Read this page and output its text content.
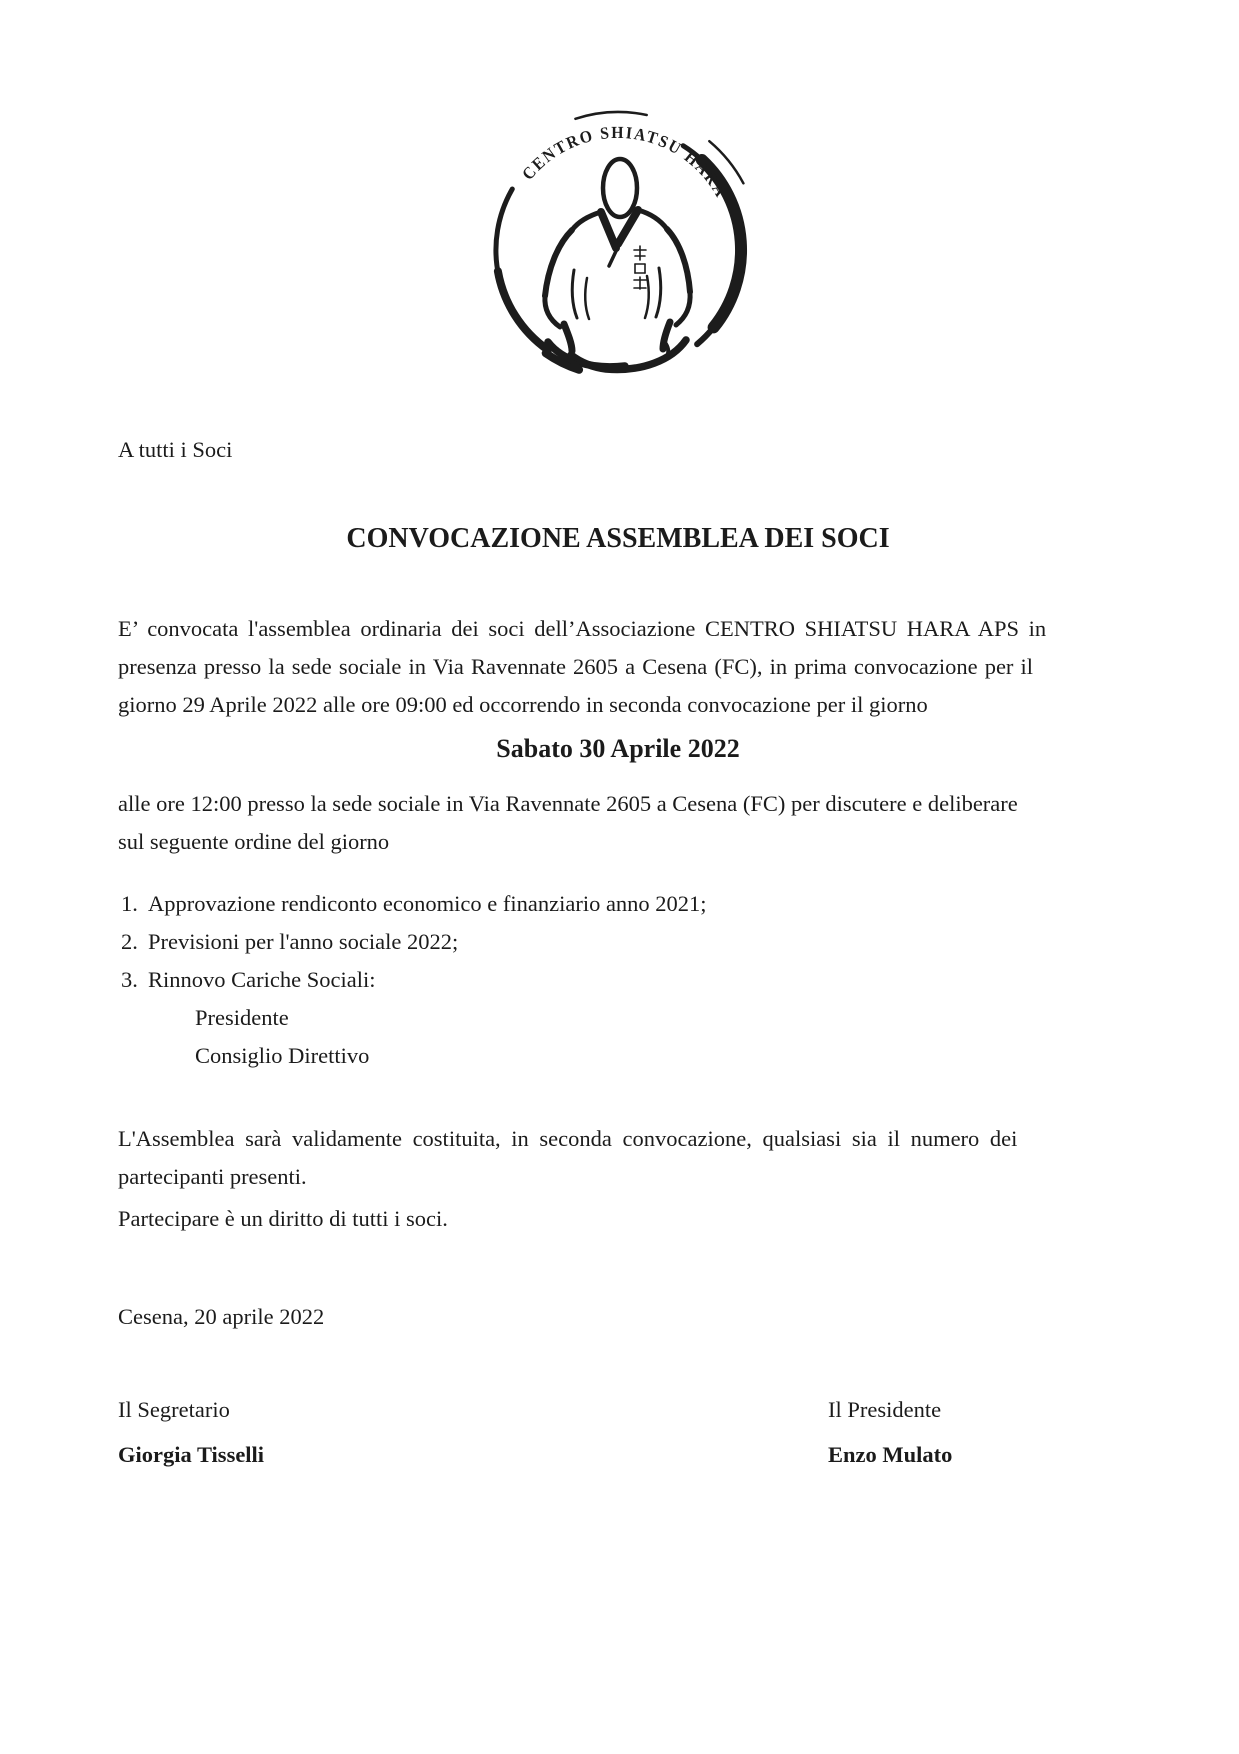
CENTRO SHIATSU HARA
A tutti i Soci
CONVOCAZIONE ASSEMBLEA DEI SOCI
E’ convocata l'assemblea ordinaria dei soci dell’Associazione CENTRO SHIATSU HARA APS in
presenza presso la sede sociale in Via Ravennate 2605 a Cesena (FC), in prima convocazione per il
giorno 29 Aprile 2022 alle ore 09:00 ed occorrendo in seconda convocazione per il giorno
Sabato 30 Aprile 2022
alle ore 12:00 presso la sede sociale in Via Ravennate 2605 a Cesena (FC) per discutere e deliberare
sul seguente ordine del giorno
1. Approvazione rendiconto economico e finanziario anno 2021;
2. Previsioni per l'anno sociale 2022;
3. Rinnovo Cariche Sociali:
Presidente
Consiglio Direttivo
L'Assemblea sarà validamente costituita, in seconda convocazione, qualsiasi sia il numero dei
partecipanti presenti.
Partecipare è un diritto di tutti i soci.
Cesena, 20 aprile 2022
Il Segretario	Il Presidente
Giorgia Tisselli	Enzo Mulato
